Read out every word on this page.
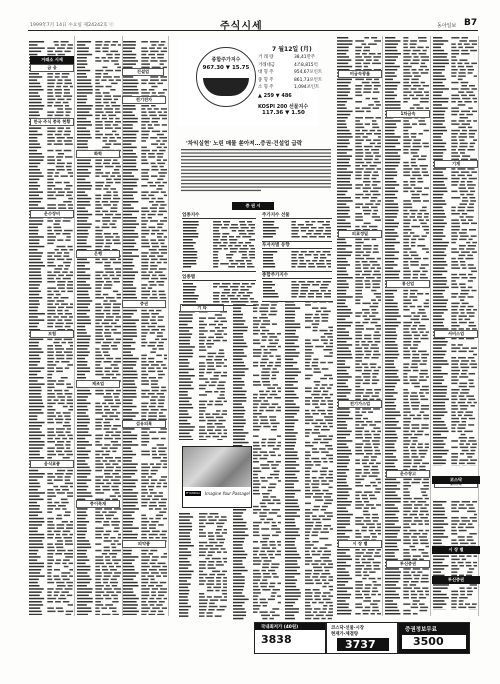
1999年7月 14日 수요일 제24242호 ⓒ	주식시세	동아일보 B7
한국 주식 종목 현황
화학
전기전자
운수장비
은행
증권
보험
제조업
섬유의복
음식료품
종이목재
의약품
비금속광물
1차금속
기계
의료정밀
통신업
서비스업
전기가스업
운수창고
시 장 별
투신증권
기 타
코스닥
시 장 별
투신증권
거래소 시세
금 융
건설업
종합주가지수
967.30 ▼ 15.75
7 월12일 (月)
거 래 량	38,41만주
거래대금	4조8,815억
대 형 주	954,67포인트
중 형 주	861,73포인트
소 형 주	1,094포인트
▲ 259 ▼ 486
KOSPI 200 선물지수
117.36 ▼ 1.50
'차익실현' 노린 매물 쏟아져…증권·건설업 급락
증 권 시
업종지수	주가지수 선물
투자자별 동향
종합주가지수
업종별
HYUNDAI Imagine Your Passage!
국내최저가 (40원)
3838
코스닥·선물·시장
현재가·체결량
3737
증권정보무료
3500
